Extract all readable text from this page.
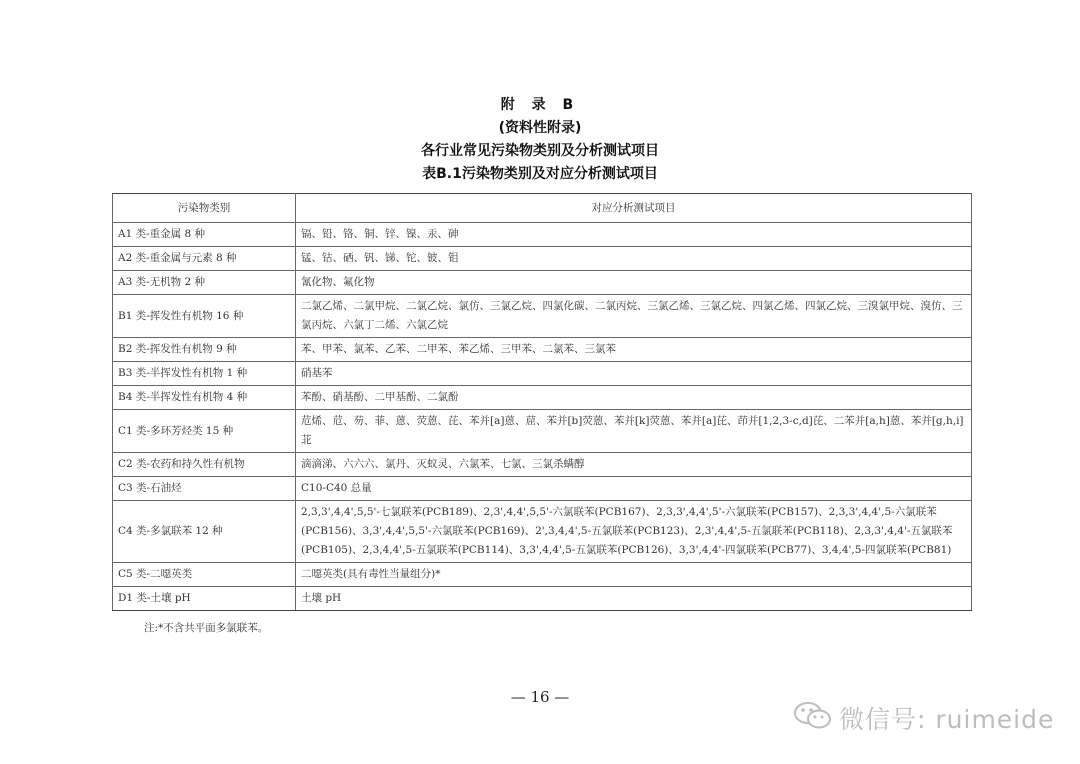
附 录 B
(资料性附录)
各行业常见污染物类别及分析测试项目
表B.1污染物类别及对应分析测试项目
污染物类别	对应分析测试项目
A1 类-重金属 8 种	镉、铅、铬、铜、锌、镍、汞、砷
A2 类-重金属与元素 8 种	锰、钴、硒、钒、锑、铊、铍、钼
A3 类-无机物 2 种	氰化物、氟化物
B1 类-挥发性有机物 16 种	二氯乙烯、二氯甲烷、二氯乙烷、氯仿、三氯乙烷、四氯化碳、二氯丙烷、三氯乙烯、三氯乙烷、四氯乙烯、四氯乙烷、三溴氯甲烷、溴仿、三氯丙烷、六氯丁二烯、六氯乙烷
B2 类-挥发性有机物 9 种	苯、甲苯、氯苯、乙苯、二甲苯、苯乙烯、三甲苯、二氯苯、三氯苯
B3 类-半挥发性有机物 1 种	硝基苯
B4 类-半挥发性有机物 4 种	苯酚、硝基酚、二甲基酚、二氯酚
C1 类-多环芳烃类 15 种	苊烯、苊、芴、菲、蒽、荧蒽、芘、苯并[a]蒽、䓛、苯并[b]荧蒽、苯并[k]荧蒽、苯并[a]芘、茚并[1,2,3-c,d]芘、二苯并[a,h]蒽、苯并[g,h,i]苝
C2 类-农药和持久性有机物	滴滴涕、六六六、氯丹、灭蚁灵、六氯苯、七氯、三氯杀螨醇
C3 类-石油烃	C10-C40 总量
C4 类-多氯联苯 12 种	2,3,3',4,4',5,5'-七氯联苯(PCB189)、2,3',4,4',5,5'-六氯联苯(PCB167)、2,3,3',4,4',5'-六氯联苯(PCB157)、2,3,3',4,4',5-六氯联苯(PCB156)、3,3',4,4',5,5'-六氯联苯(PCB169)、2',3,4,4',5-五氯联苯(PCB123)、2,3',4,4',5-五氯联苯(PCB118)、2,3,3',4,4'-五氯联苯(PCB105)、2,3,4,4',5-五氯联苯(PCB114)、3,3',4,4',5-五氯联苯(PCB126)、3,3',4,4'-四氯联苯(PCB77)、3,4,4',5-四氯联苯(PCB81)
C5 类-二噁英类	二噁英类(具有毒性当量组分)*
D1 类-土壤 pH	土壤 pH
注:*不含共平面多氯联苯。
— 16 —
微信号: ruimeide
